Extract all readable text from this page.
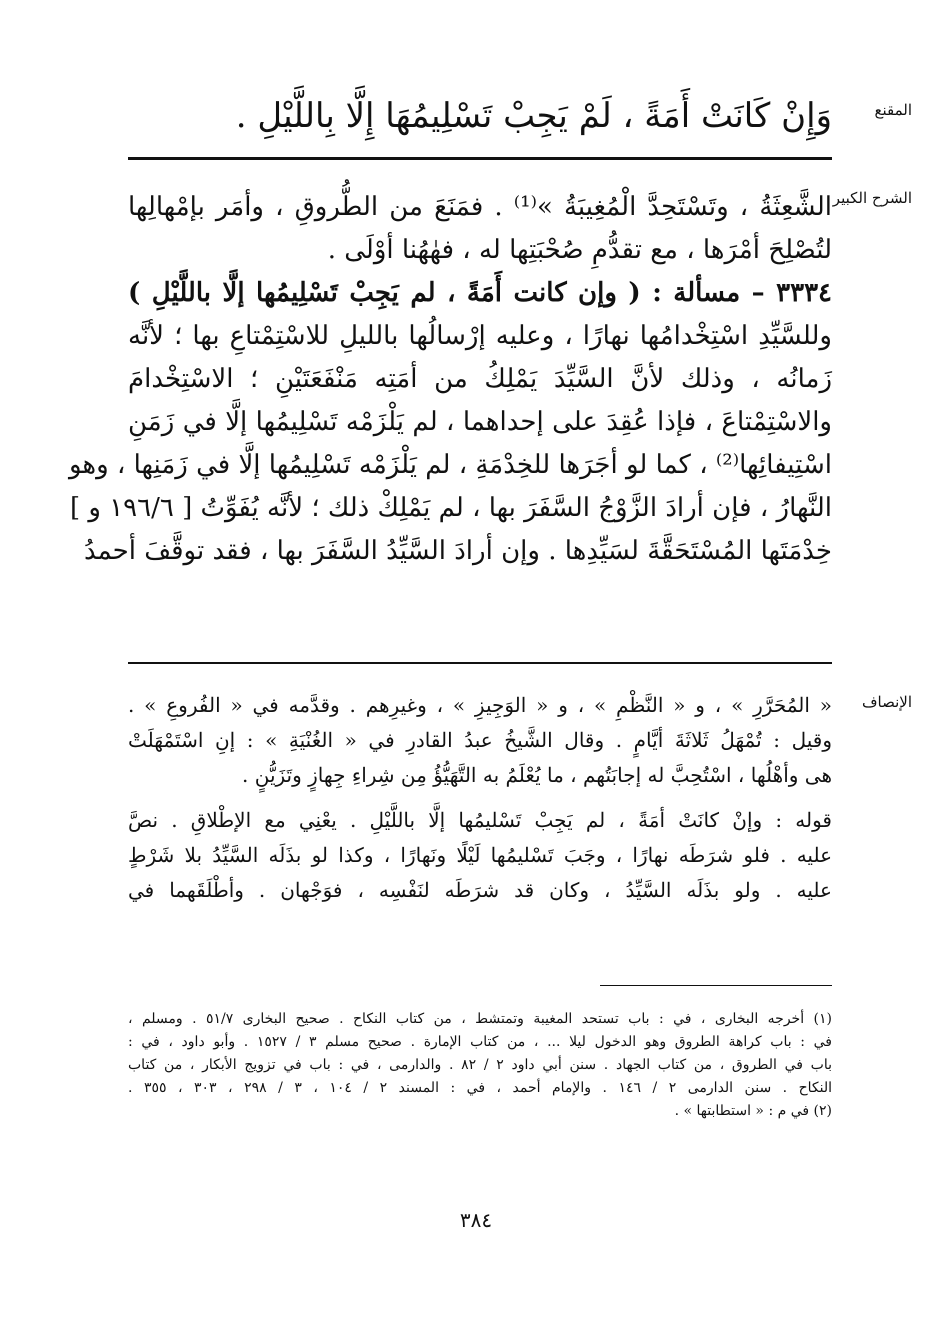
المقنع
وَإِنْ كَانَتْ أَمَةً ، لَمْ يَجِبْ تَسْلِيمُهَا إِلَّا بِاللَّيْلِ .
الشرح الكبير
الشَّعِثَةُ ، وتَسْتَحِدَّ الْمُغِيبَةُ »⁽¹⁾ . فمَنَعَ من الطُّروقِ ، وأمَر بإمْهالِها
لتُصْلِحَ أمْرَها ، مع تقدُّمِ صُحْبَتِها له ، فهٰهُنا أوْلَى .
٣٣٣٤ – مسألة : ( وإن كانت أَمَةً ، لم يَجِبْ تَسْلِيمُها إلَّا باللَّيْلِ )
وللسَّيِّدِ اسْتِخْدامُها نهارًا ، وعليه إرْسالُها بالليلِ للاسْتِمْتاعِ بها ؛ لأنَّه
زَمانُه ، وذلك لأنَّ السَّيِّدَ يَمْلِكُ من أمَتِه مَنْفَعَتَيْنِ ؛ الاسْتِخْدامَ
والاسْتِمْتاعَ ، فإذا عُقِدَ على إحداهما ، لم يَلْزَمْه تَسْلِيمُها إلَّا في زَمَنِ
اسْتِيفائِها⁽²⁾ ، كما لو أجَرَها للخِدْمَةِ ، لم يَلْزَمْه تَسْلِيمُها إلَّا في زَمَنِها ، وهو
النَّهارُ ، فإن أرادَ الزَّوْجُ السَّفَرَ بها ، لم يَمْلِكْ ذلك ؛ لأنَّه يُفَوِّتُ [ ١٩٦/٦ و ]
خِدْمَتَها المُسْتَحَقَّةَ لسَيِّدِها . وإن أرادَ السَّيِّدُ السَّفَرَ بها ، فقد توقَّفَ أحمدُ
الإنصاف
« المُحَرَّرِ » ، و « النَّظْمِ » ، و « الوَجِيزِ » ، وغيرِهم . وقدَّمه في « الفُروعِ » .
وقيل : تُمْهَلُ ثَلاثَةَ أيَّامٍ . وقال الشَّيخُ عبدُ القادرِ في « الغُنْيَةِ » : إنِ اسْتَمْهَلَتْ
هى وأهْلُها ، اسْتُحِبَّ له إجابَتُهم ، ما يُعْلَمُ به التَّهَيُّؤُ مِن شِراءِ جِهازٍ وتَزَيُّنٍ .
قوله : وإنْ كانَتْ أمَةً ، لم يَجِبْ تَسْليمُها إلَّا باللَّيْلِ . يعْنِي مع الإطْلاقِ . نصَّ
عليه . فلو شرَطَه نهارًا ، وجَبَ تَسْليمُها لَيْلًا ونَهارًا ، وكذا لو بذَلَه السَّيِّدُ بلا شَرْطٍ
عليه . ولو بذَلَه السَّيِّدُ ، وكان قد شرَطَه لنَفْسِه ، فوَجْهان . وأطْلَقَهما في
(١) أخرجه البخارى ، في : باب تستحد المغيبة وتمتشط ، من كتاب النكاح . صحيح البخارى ٥١/٧ . ومسلم ،
في : باب كراهة الطروق وهو الدخول ليلا ... ، من كتاب الإمارة . صحيح مسلم ٣ / ١٥٢٧ . وأبو داود ، في :
باب في الطروق ، من كتاب الجهاد . سنن أبي داود ٢ / ٨٢ . والدارمى ، في : باب في تزويج الأبكار ، من كتاب
النكاح . سنن الدارمى ٢ / ١٤٦ . والإمام أحمد ، في : المسند ٢ / ١٠٤ ، ٣ / ٢٩٨ ، ٣٠٣ ، ٣٥٥ .
(٢) في م : « استطابتها » .
٣٨٤
